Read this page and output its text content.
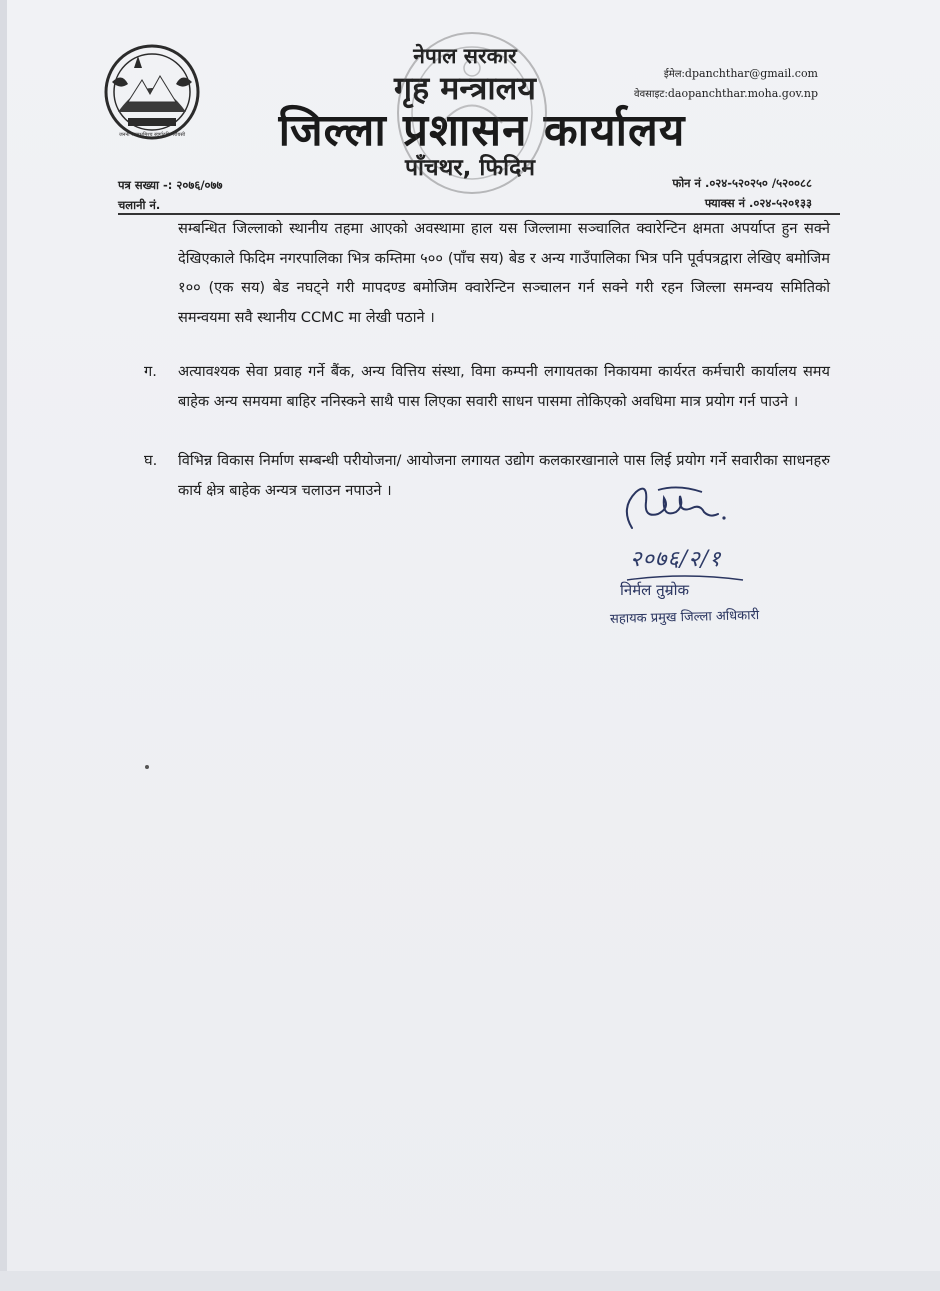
जननी जन्मभूमिश्च स्वर्गादपि गरीयसी
नेपाल सरकार
गृह मन्त्रालय
जिल्ला प्रशासन कार्यालय
पाँचथर, फिदिम
ईमेल:dpanchthar@gmail.com
वेवसाइट:daopanchthar.moha.gov.np
पत्र सख्या -: २०७६/०७७
चलानी नं.
फोन नं .०२४-५२०२५० /५२००८८
फ्याक्स नं .०२४-५२०१३३
सम्बन्धित जिल्लाको स्थानीय तहमा आएको अवस्थामा हाल यस जिल्लामा सञ्चालित क्वारेन्टिन क्षमता अपर्याप्त हुन सक्ने देखिएकाले फिदिम नगरपालिका भित्र कम्तिमा ५०० (पाँच सय) बेड र अन्य गाउँपालिका भित्र पनि पूर्वपत्रद्वारा लेखिए बमोजिम १०० (एक सय) बेड नघट्ने गरी मापदण्ड बमोजिम क्वारेन्टिन सञ्चालन गर्न सक्ने गरी रहन जिल्ला समन्वय समितिको समन्वयमा सवै स्थानीय CCMC मा लेखी पठाने ।
ग. अत्यावश्यक सेवा प्रवाह गर्ने बैंक, अन्य वित्तिय संस्था, विमा कम्पनी लगायतका निकायमा कार्यरत कर्मचारी कार्यालय समय बाहेक अन्य समयमा बाहिर ननिस्कने साथै पास लिएका सवारी साधन पासमा तोकिएको अवधिमा मात्र प्रयोग गर्न पाउने ।
घ. विभिन्न विकास निर्माण सम्बन्धी परीयोजना/ आयोजना लगायत उद्योग कलकारखानाले पास लिई प्रयोग गर्ने सवारीका साधनहरु कार्य क्षेत्र बाहेक अन्यत्र चलाउन नपाउने ।
२०७६/२/१
निर्मल तुम्रोक
सहायक प्रमुख जिल्ला अधिकारी
